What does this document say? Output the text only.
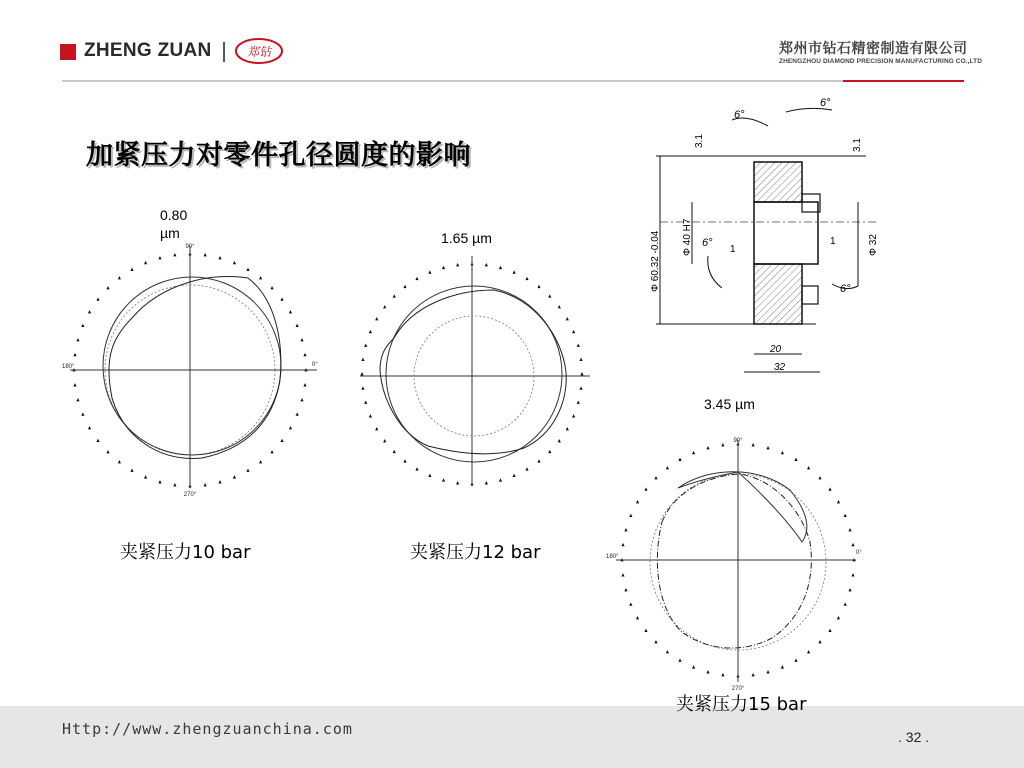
ZHENG ZUAN	郑钻	郑州市钻石精密制造有限公司
ZHENGZHOU DIAMOND PRECISION MANUFACTURING CO.,LTD
加紧压力对零件孔径圆度的影响
0.80
µm
90°
180°	0°
270°
夹紧压力10 bar
1.65 µm
夹紧压力12 bar
6°
6°
6°
6°
3.1	3.1
Φ 60.32 -0.04 Φ 40 H7	Φ 32
1
1
20
32
3.45 µm
90°
180°
0°
270°
夹紧压力15 bar
Http://www.zhengzuanchina.com	. 32 .
